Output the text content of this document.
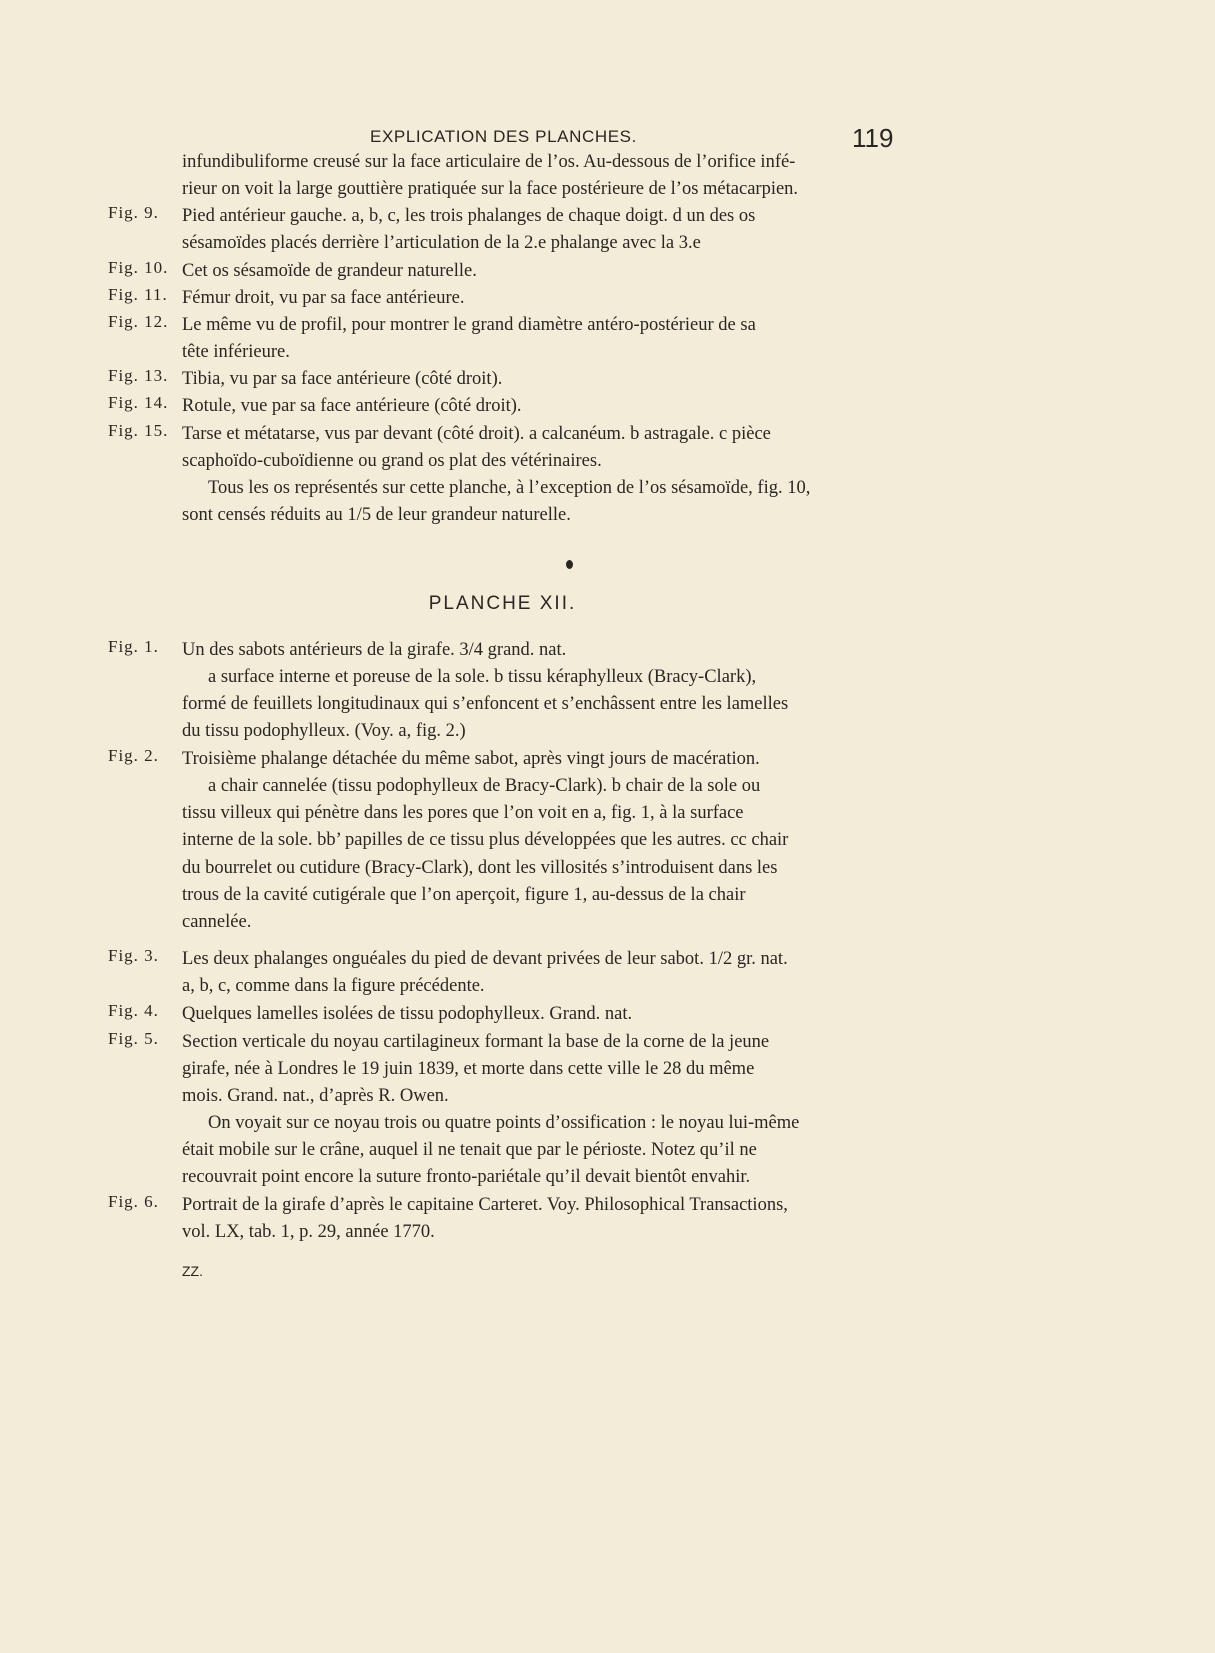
EXPLICATION DES PLANCHES.	119
infundibuliforme creusé sur la face articulaire de l’os. Au-dessous de l’orifice infé-
rieur on voit la large gouttière pratiquée sur la face postérieure de l’os métacarpien.
Fig. 9. Pied antérieur gauche. a, b, c, les trois phalanges de chaque doigt. d un des os
sésamoïdes placés derrière l’articulation de la 2.e phalange avec la 3.e
Fig. 10. Cet os sésamoïde de grandeur naturelle.
Fig. 11. Fémur droit, vu par sa face antérieure.
Fig. 12. Le même vu de profil, pour montrer le grand diamètre antéro-postérieur de sa
tête inférieure.
Fig. 13. Tibia, vu par sa face antérieure (côté droit).
Fig. 14. Rotule, vue par sa face antérieure (côté droit).
Fig. 15. Tarse et métatarse, vus par devant (côté droit). a calcanéum. b astragale. c pièce
scaphoïdo-cuboïdienne ou grand os plat des vétérinaires.
Tous les os représentés sur cette planche, à l’exception de l’os sésamoïde, fig. 10,
sont censés réduits au 1/5 de leur grandeur naturelle.
PLANCHE XII.
Fig. 1. Un des sabots antérieurs de la girafe. 3/4 grand. nat.
a surface interne et poreuse de la sole. b tissu kéraphylleux (Bracy-Clark),
formé de feuillets longitudinaux qui s’enfoncent et s’enchâssent entre les lamelles
du tissu podophylleux. (Voy. a, fig. 2.)
Fig. 2. Troisième phalange détachée du même sabot, après vingt jours de macération.
a chair cannelée (tissu podophylleux de Bracy-Clark). b chair de la sole ou
tissu villeux qui pénètre dans les pores que l’on voit en a, fig. 1, à la surface
interne de la sole. bb’ papilles de ce tissu plus développées que les autres. cc chair
du bourrelet ou cutidure (Bracy-Clark), dont les villosités s’introduisent dans les
trous de la cavité cutigérale que l’on aperçoit, figure 1, au-dessus de la chair
cannelée.
Fig. 3. Les deux phalanges onguéales du pied de devant privées de leur sabot. 1/2 gr. nat.
a, b, c, comme dans la figure précédente.
Fig. 4. Quelques lamelles isolées de tissu podophylleux. Grand. nat.
Fig. 5. Section verticale du noyau cartilagineux formant la base de la corne de la jeune
girafe, née à Londres le 19 juin 1839, et morte dans cette ville le 28 du même
mois. Grand. nat., d’après R. Owen.
On voyait sur ce noyau trois ou quatre points d’ossification : le noyau lui-même
était mobile sur le crâne, auquel il ne tenait que par le périoste. Notez qu’il ne
recouvrait point encore la suture fronto-pariétale qu’il devait bientôt envahir.
Fig. 6. Portrait de la girafe d’après le capitaine Carteret. Voy. Philosophical Transactions,
vol. LX, tab. 1, p. 29, année 1770.
ZZ.
